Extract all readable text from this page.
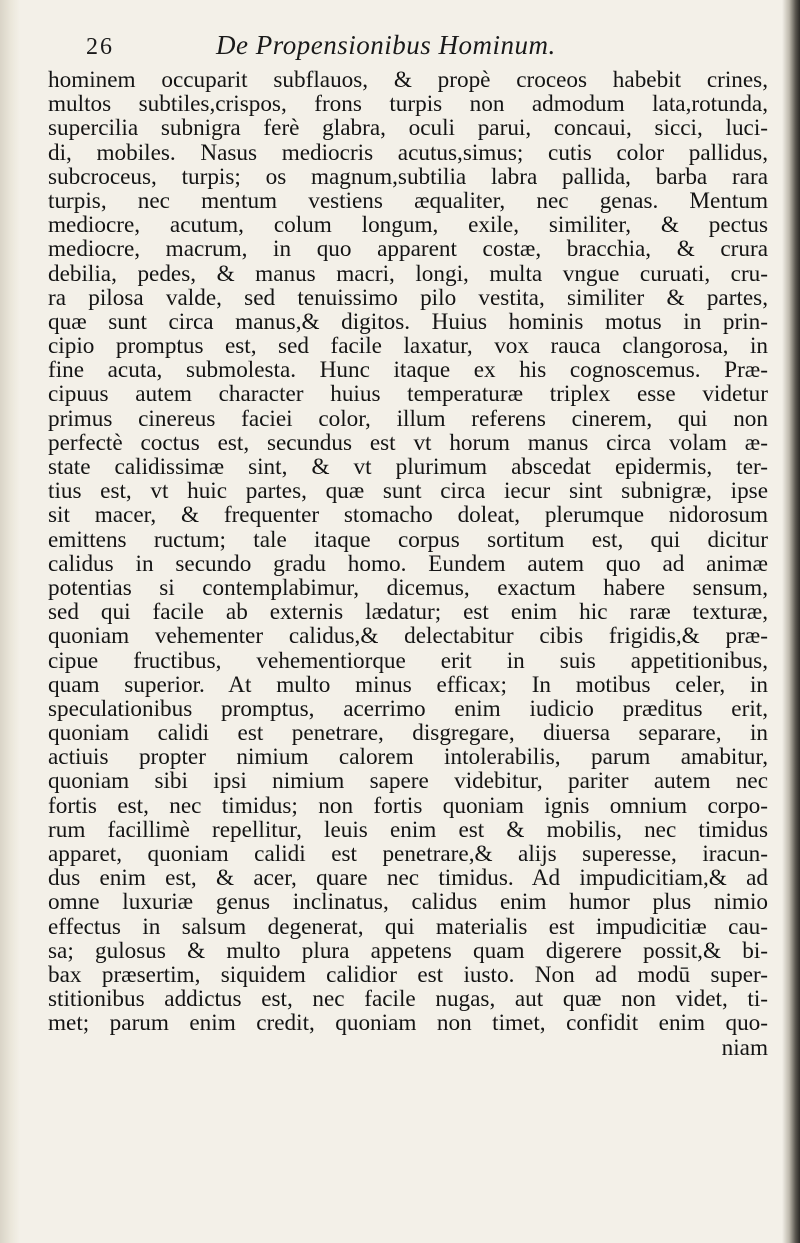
26	De Propensionibus Hominum.
hominem occuparit subflauos, & propè croceos habebit crines,
multos subtiles,crispos, frons turpis non admodum lata,rotunda,
supercilia subnigra ferè glabra, oculi parui, concaui, sicci, luci-
di, mobiles. Nasus mediocris acutus,simus; cutis color pallidus,
subcroceus, turpis; os magnum,subtilia labra pallida, barba rara
turpis, nec mentum vestiens æqualiter, nec genas. Mentum
mediocre, acutum, colum longum, exile, similiter, & pectus
mediocre, macrum, in quo apparent costæ, bracchia, & crura
debilia, pedes, & manus macri, longi, multa vngue curuati, cru-
ra pilosa valde, sed tenuissimo pilo vestita, similiter & partes,
quæ sunt circa manus,& digitos. Huius hominis motus in prin-
cipio promptus est, sed facile laxatur, vox rauca clangorosa, in
fine acuta, submolesta. Hunc itaque ex his cognoscemus. Præ-
cipuus autem character huius temperaturæ triplex esse videtur
primus cinereus faciei color, illum referens cinerem, qui non
perfectè coctus est, secundus est vt horum manus circa volam æ-
state calidissimæ sint, & vt plurimum abscedat epidermis, ter-
tius est, vt huic partes, quæ sunt circa iecur sint subnigræ, ipse
sit macer, & frequenter stomacho doleat, plerumque nidorosum
emittens ructum; tale itaque corpus sortitum est, qui dicitur
calidus in secundo gradu homo. Eundem autem quo ad animæ
potentias si contemplabimur, dicemus, exactum habere sensum,
sed qui facile ab externis lædatur; est enim hic raræ texturæ,
quoniam vehementer calidus,& delectabitur cibis frigidis,& præ-
cipue fructibus, vehementiorque erit in suis appetitionibus,
quam superior. At multo minus efficax; In motibus celer, in
speculationibus promptus, acerrimo enim iudicio præditus erit,
quoniam calidi est penetrare, disgregare, diuersa separare, in
actiuis propter nimium calorem intolerabilis, parum amabitur,
quoniam sibi ipsi nimium sapere videbitur, pariter autem nec
fortis est, nec timidus; non fortis quoniam ignis omnium corpo-
rum facillimè repellitur, leuis enim est & mobilis, nec timidus
apparet, quoniam calidi est penetrare,& alijs superesse, iracun-
dus enim est, & acer, quare nec timidus. Ad impudicitiam,& ad
omne luxuriæ genus inclinatus, calidus enim humor plus nimio
effectus in salsum degenerat, qui materialis est impudicitiæ cau-
sa; gulosus & multo plura appetens quam digerere possit,& bi-
bax præsertim, siquidem calidior est iusto. Non ad modū super-
stitionibus addictus est, nec facile nugas, aut quæ non videt, ti-
met; parum enim credit, quoniam non timet, confidit enim quo-
niam
